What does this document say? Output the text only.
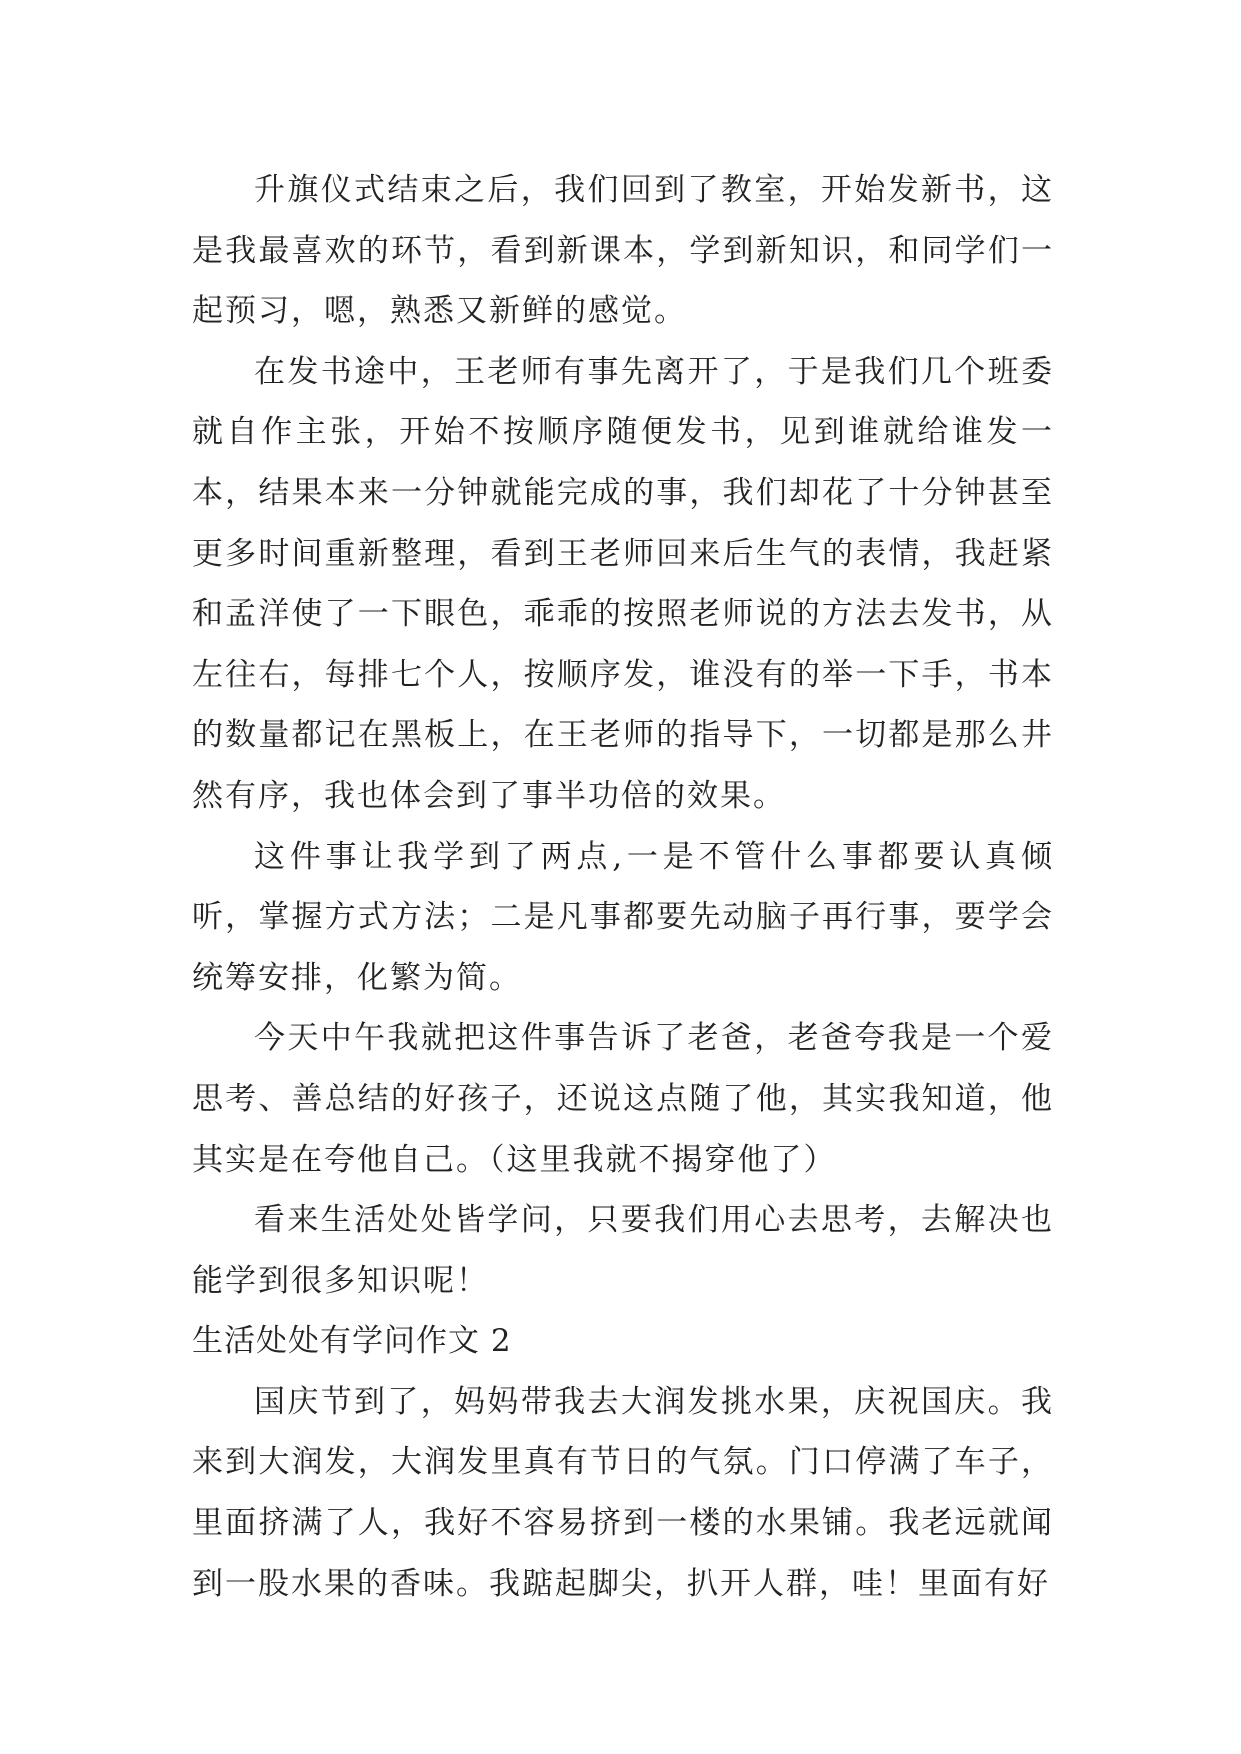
升旗仪式结束之后，我们回到了教室，开始发新书，这是我最喜欢的环节，看到新课本，学到新知识，和同学们一起预习，嗯，熟悉又新鲜的感觉。

在发书途中，王老师有事先离开了，于是我们几个班委就自作主张，开始不按顺序随便发书，见到谁就给谁发一本，结果本来一分钟就能完成的事，我们却花了十分钟甚至更多时间重新整理，看到王老师回来后生气的表情，我赶紧和孟洋使了一下眼色，乖乖的按照老师说的方法去发书，从左往右，每排七个人，按顺序发，谁没有的举一下手，书本的数量都记在黑板上，在王老师的指导下，一切都是那么井然有序，我也体会到了事半功倍的效果。

这件事让我学到了两点,一是不管什么事都要认真倾听，掌握方式方法；二是凡事都要先动脑子再行事，要学会统筹安排，化繁为简。

今天中午我就把这件事告诉了老爸，老爸夸我是一个爱思考、善总结的好孩子，还说这点随了他，其实我知道，他其实是在夸他自己。（这里我就不揭穿他了）

看来生活处处皆学问，只要我们用心去思考，去解决也能学到很多知识呢！

生活处处有学问作文 2

国庆节到了，妈妈带我去大润发挑水果，庆祝国庆。我来到大润发，大润发里真有节日的气氛。门口停满了车子，里面挤满了人，我好不容易挤到一楼的水果铺。我老远就闻到一股水果的香味。我踮起脚尖，扒开人群，哇！里面有好
